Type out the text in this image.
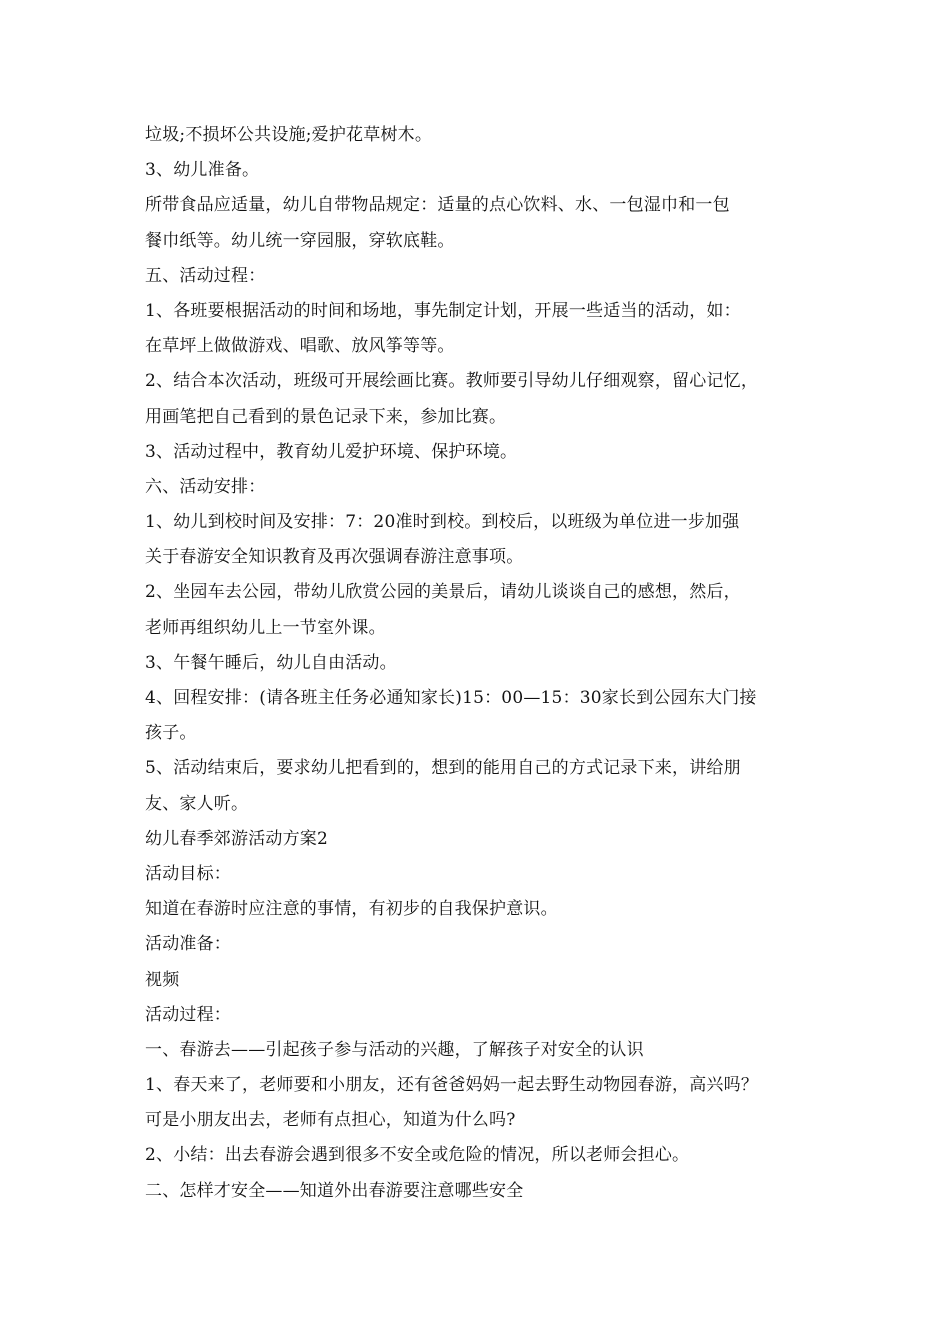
垃圾;不损坏公共设施;爱护花草树木。
3、幼儿准备。
所带食品应适量，幼儿自带物品规定：适量的点心饮料、水、一包湿巾和一包
餐巾纸等。幼儿统一穿园服，穿软底鞋。
五、活动过程：
1、各班要根据活动的时间和场地，事先制定计划，开展一些适当的活动，如：
在草坪上做做游戏、唱歌、放风筝等等。
2、结合本次活动，班级可开展绘画比赛。教师要引导幼儿仔细观察，留心记忆，
用画笔把自己看到的景色记录下来，参加比赛。
3、活动过程中，教育幼儿爱护环境、保护环境。
六、活动安排：
1、幼儿到校时间及安排：7：20准时到校。到校后，以班级为单位进一步加强
关于春游安全知识教育及再次强调春游注意事项。
2、坐园车去公园，带幼儿欣赏公园的美景后，请幼儿谈谈自己的感想，然后，
老师再组织幼儿上一节室外课。
3、午餐午睡后，幼儿自由活动。
4、回程安排：(请各班主任务必通知家长)15：00—15：30家长到公园东大门接
孩子。
5、活动结束后，要求幼儿把看到的，想到的能用自己的方式记录下来，讲给朋
友、家人听。
幼儿春季郊游活动方案2
活动目标：
知道在春游时应注意的事情，有初步的自我保护意识。
活动准备：
视频
活动过程：
一、春游去——引起孩子参与活动的兴趣，了解孩子对安全的认识
1、春天来了，老师要和小朋友，还有爸爸妈妈一起去野生动物园春游，高兴吗？
可是小朋友出去，老师有点担心，知道为什么吗?
2、小结：出去春游会遇到很多不安全或危险的情况，所以老师会担心。
二、怎样才安全——知道外出春游要注意哪些安全
